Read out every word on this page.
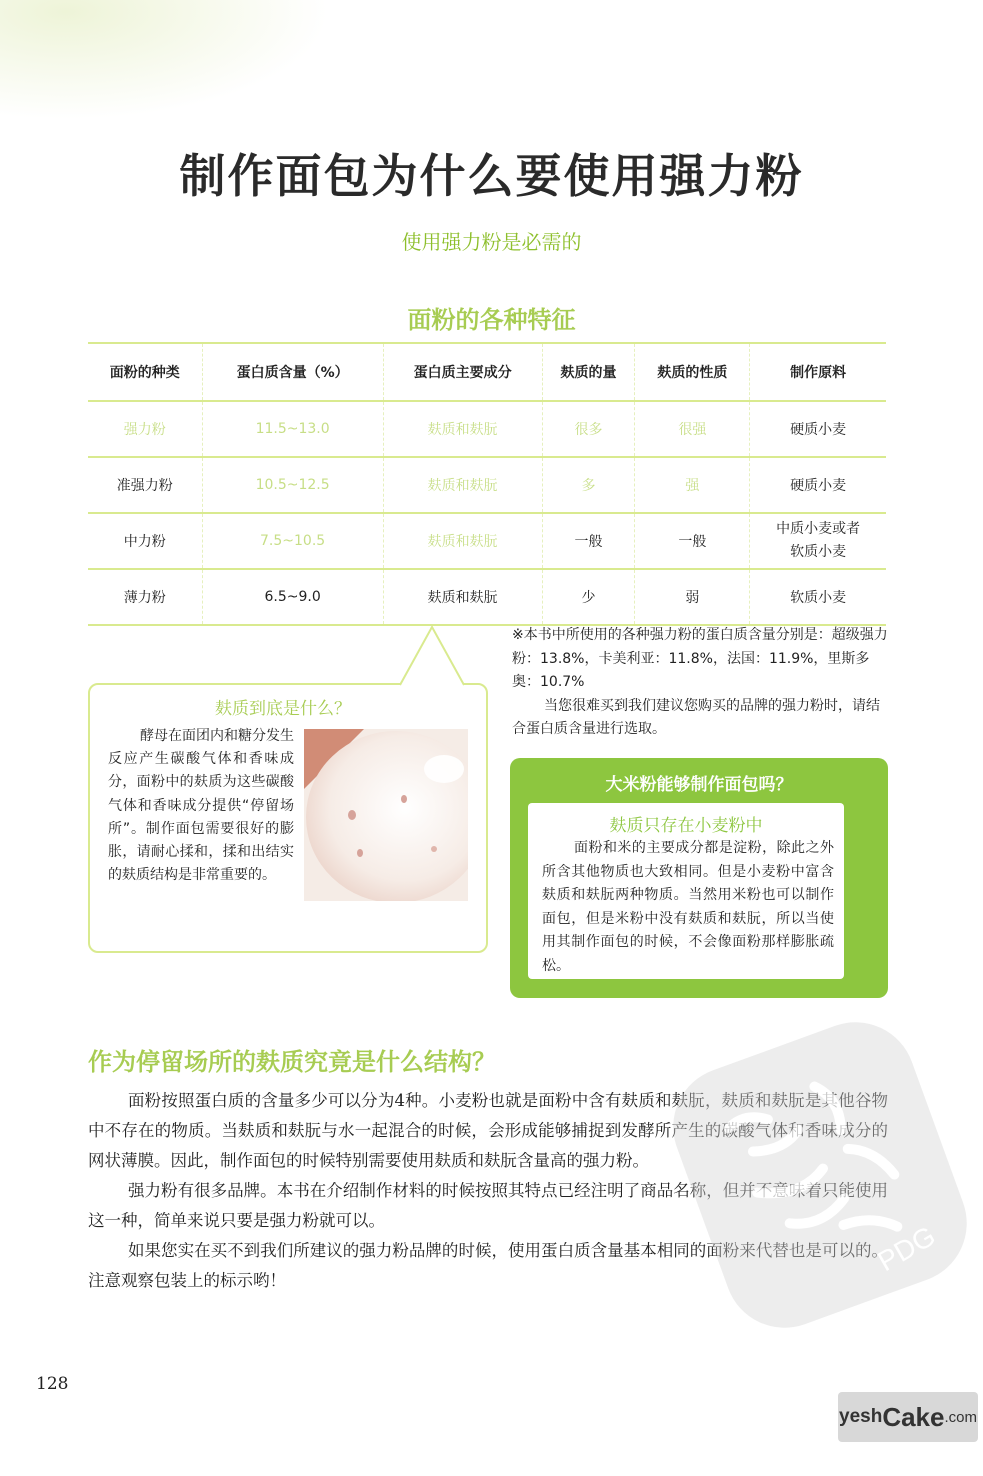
制作面包为什么要使用强力粉
使用强力粉是必需的
面粉的各种特征
面粉的种类	蛋白质含量（%）	蛋白质主要成分	麸质的量	麸质的性质	制作原料
强力粉	11.5~13.0	麸质和麸朊	很多	很强	硬质小麦
准强力粉	10.5~12.5	麸质和麸朊	多	强	硬质小麦
中力粉	7.5~10.5	麸质和麸朊	一般	一般	中质小麦或者
软质小麦
薄力粉	6.5~9.0	麸质和麸朊	少	弱	软质小麦

※本书中所使用的各种强力粉的蛋白质含量分别是：超级强力粉：13.8%，卡美利亚：11.8%，法国：11.9%，里斯多奥：10.7%

当您很难买到我们建议您购买的品牌的强力粉时，请结合蛋白质含量进行选取。

麸质到底是什么？

酵母在面团内和糖分发生反应产生碳酸气体和香味成分，面粉中的麸质为这些碳酸气体和香味成分提供“停留场所”。制作面包需要很好的膨胀，请耐心揉和，揉和出结实的麸质结构是非常重要的。

大米粉能够制作面包吗？
麸质只存在小麦粉中

面粉和米的主要成分都是淀粉，除此之外所含其他物质也大致相同。但是小麦粉中富含麸质和麸朊两种物质。当然用米粉也可以制作面包，但是米粉中没有麸质和麸朊，所以当使用其制作面包的时候，不会像面粉那样膨胀疏松。

作为停留场所的麸质究竟是什么结构？

面粉按照蛋白质的含量多少可以分为4种。小麦粉也就是面粉中含有麸质和麸朊，麸质和麸朊是其他谷物中不存在的物质。当麸质和麸朊与水一起混合的时候，会形成能够捕捉到发酵所产生的碳酸气体和香味成分的网状薄膜。因此，制作面包的时候特别需要使用麸质和麸朊含量高的强力粉。

强力粉有很多品牌。本书在介绍制作材料的时候按照其特点已经注明了商品名称，但并不意味着只能使用这一种，简单来说只要是强力粉就可以。

如果您实在买不到我们所建议的强力粉品牌的时候，使用蛋白质含量基本相同的面粉来代替也是可以的。注意观察包装上的标示哟！

PDG
128
yesh Cake .com
